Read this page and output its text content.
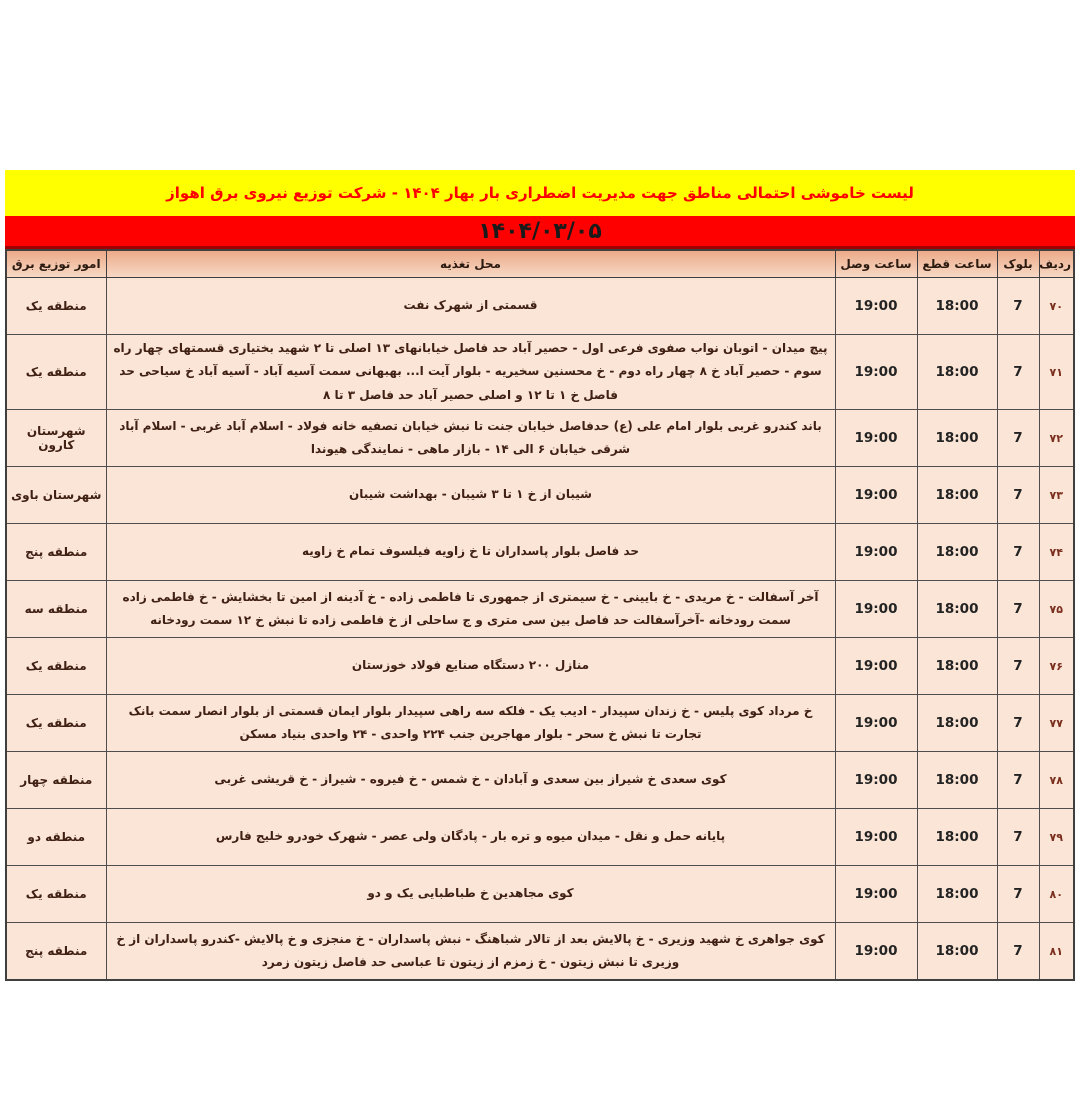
لیست خاموشی احتمالی مناطق جهت مدیریت اضطراری بار بهار ۱۴۰۴ - شرکت توزیع نیروی برق اهواز
۱۴۰۴/۰۳/۰۵
ردیف	بلوک	ساعت قطع	ساعت وصل	محل تغذیه	امور توزیع برق
۷۰	7	18:00	19:00	قسمتی از شهرک نفت	منطقه یک
۷۱	7	18:00	19:00	پیچ میدان - اتوبان نواب صفوی فرعی اول - حصیر آباد حد فاصل خیابانهای ۱۳ اصلی تا ۲ شهید بختیاری قسمتهای چهار راه سوم - حصیر آباد خ ۸ چهار راه دوم - خ محسنین سخیریه - بلوار آیت ا... بهبهانی سمت آسیه آباد - آسیه آباد خ سیاحی حد فاصل خ ۱ تا ۱۲ و اصلی حصیر آباد حد فاصل ۳ تا ۸	منطقه یک
۷۲	7	18:00	19:00	باند کندرو غربی بلوار امام علی (ع) حدفاصل خیابان جنت تا نبش خیابان تصفیه خانه فولاد - اسلام آباد غربی - اسلام آباد شرقی خیابان ۶ الی ۱۴ - بازار ماهی - نمایندگی هیوندا	شهرستان کارون
۷۳	7	18:00	19:00	شیبان از خ ۱ تا ۳ شیبان - بهداشت شیبان	شهرستان باوی
۷۴	7	18:00	19:00	حد فاصل بلوار پاسداران تا خ زاویه فیلسوف تمام خ زاویه	منطقه پنج
۷۵	7	18:00	19:00	آخر آسفالت - خ مریدی - خ بایینی - خ سیمتری از جمهوری تا فاطمی زاده - خ آدینه از امین تا بخشایش - خ فاطمی زاده سمت رودخانه -آخرآسفالت حد فاصل بین سی متری و ج ساحلی از خ فاطمی زاده تا نبش خ ۱۲ سمت رودخانه	منطقه سه
۷۶	7	18:00	19:00	منازل ۲۰۰ دستگاه صنایع فولاد خوزستان	منطقه یک
۷۷	7	18:00	19:00	خ مرداد کوی پلیس - خ زندان سپیدار - ادیب یک - فلکه سه راهی سپیدار بلوار ایمان قسمتی از بلوار انصار سمت بانک تجارت تا نبش خ سحر - بلوار مهاجرین جنب ۲۲۴ واحدی - ۲۴ واحدی بنیاد مسکن	منطقه یک
۷۸	7	18:00	19:00	کوی سعدی خ شیراز بین سعدی و آبادان - خ شمس - خ فیروه - شیراز - خ قریشی غربی	منطقه چهار
۷۹	7	18:00	19:00	پایانه حمل و نقل - میدان میوه و تره بار - پادگان ولی عصر - شهرک خودرو خلیج فارس	منطقه دو
۸۰	7	18:00	19:00	کوی مجاهدین خ طباطبایی یک و دو	منطقه یک
۸۱	7	18:00	19:00	کوی جواهری خ شهید وزیری - خ پالایش بعد از تالار شباهنگ - نبش پاسداران - خ منجزی و خ پالایش -کندرو پاسداران از خ وزیری تا نبش زیتون - خ زمزم از زیتون تا عباسی حد فاصل زیتون زمرد	منطقه پنج
